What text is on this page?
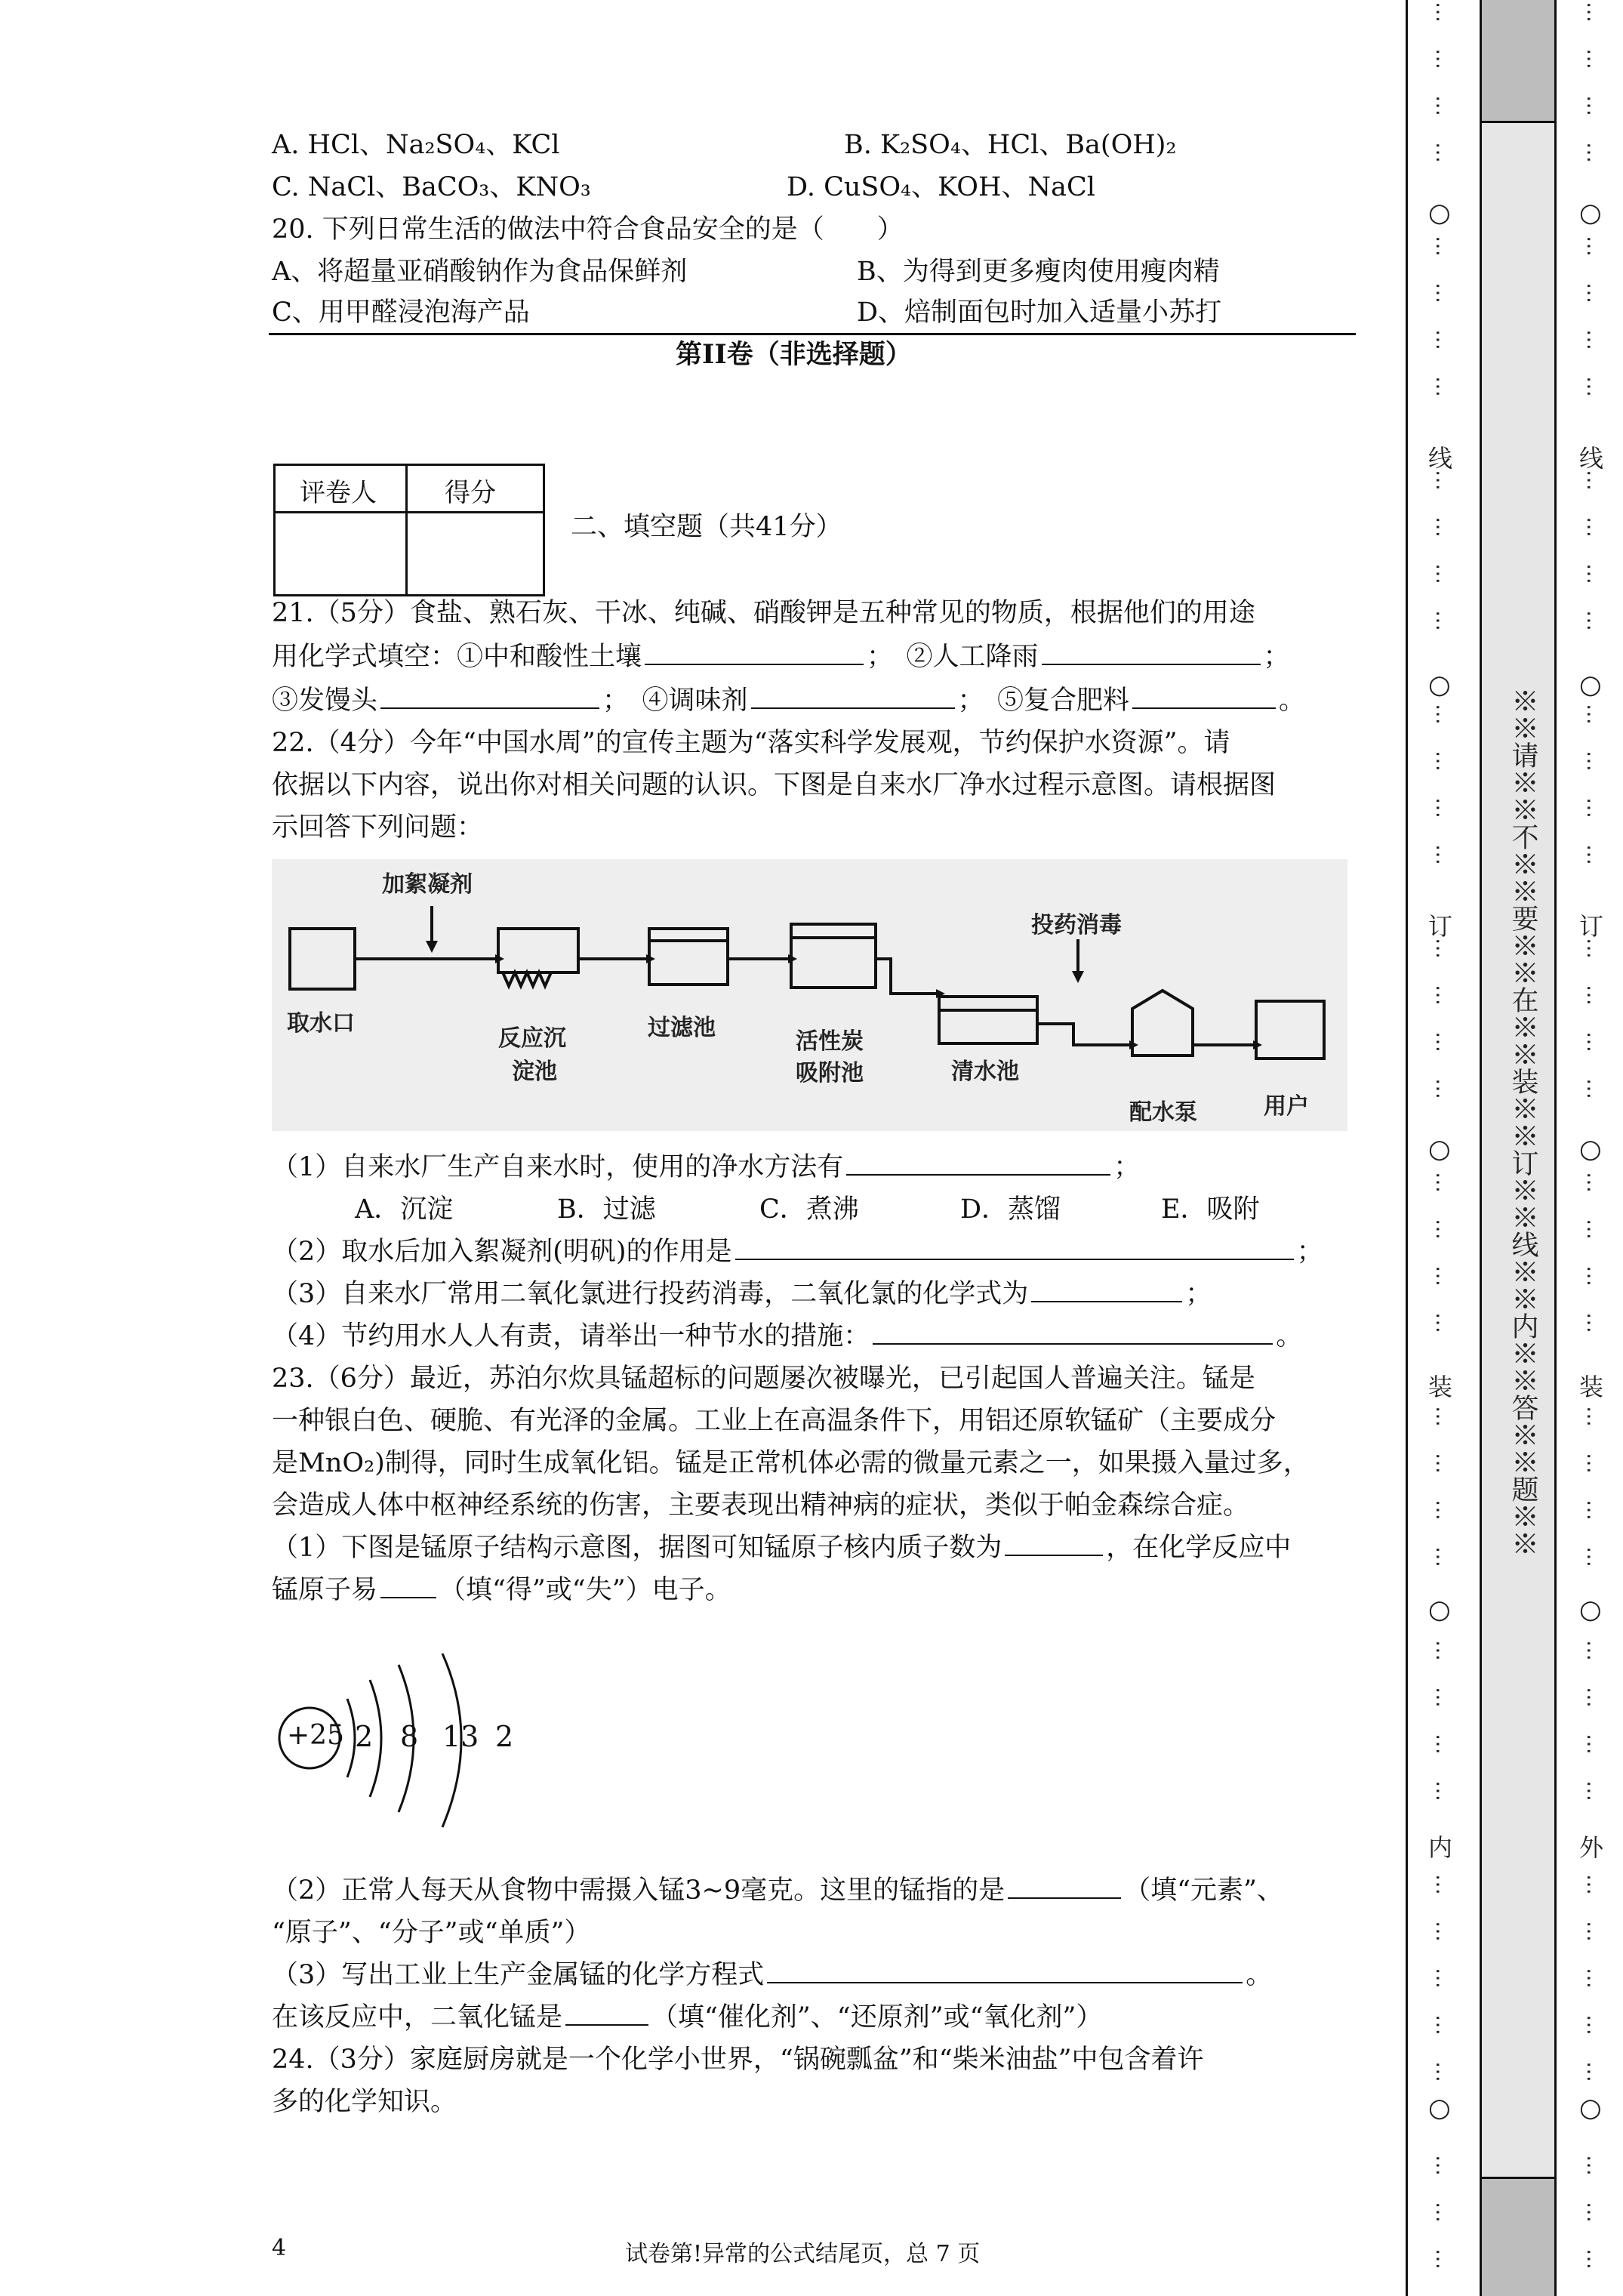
A. HCl、Na₂SO₄、KCl	B. K₂SO₄、HCl、Ba(OH)₂
C. NaCl、BaCO₃、KNO₃	D. CuSO₄、KOH、NaCl
20. 下列日常生活的做法中符合食品安全的是（　　）
A、将超量亚硝酸钠作为食品保鲜剂	B、为得到更多瘦肉使用瘦肉精
C、用甲醛浸泡海产品	D、焙制面包时加入适量小苏打
第II卷（非选择题）
评卷人	得分
二、填空题（共41分）
21.（5分）食盐、熟石灰、干冰、纯碱、硝酸钾是五种常见的物质，根据他们的用途
用化学式填空：①中和酸性土壤	；　②人工降雨	；
③发馒头	；　④调味剂	；　⑤复合肥料	。
22.（4分）今年“中国水周”的宣传主题为“落实科学发展观，节约保护水资源”。请
依据以下内容，说出你对相关问题的认识。下图是自来水厂净水过程示意图。请根据图
示回答下列问题：
加絮凝剂
投药消毒
取水口
反应沉
淀池
过滤池
活性炭
吸附池	清水池
配水泵	用户
（1）自来水厂生产自来水时，使用的净水方法有	；
A．沉淀	B．过滤	C．煮沸	D．蒸馏	E．吸附
（2）取水后加入絮凝剂(明矾)的作用是	；
（3）自来水厂常用二氧化氯进行投药消毒，二氧化氯的化学式为	；
（4）节约用水人人有责，请举出一种节水的措施：	。
23.（6分）最近，苏泊尔炊具锰超标的问题屡次被曝光，已引起国人普遍关注。锰是
一种银白色、硬脆、有光泽的金属。工业上在高温条件下，用铝还原软锰矿（主要成分
是MnO₂)制得，同时生成氧化铝。锰是正常机体必需的微量元素之一，如果摄入量过多，
会造成人体中枢神经系统的伤害，主要表现出精神病的症状，类似于帕金森综合症。
（1）下图是锰原子结构示意图，据图可知锰原子核内质子数为	，在化学反应中
锰原子易 （填“得”或“失”）电子。
+25 2 8 13 2
（2）正常人每天从食物中需摄入锰3~9毫克。这里的锰指的是	（填“元素”、
“原子”、“分子”或“单质”）
（3）写出工业上生产金属锰的化学方程式	。
在该反应中，二氧化锰是	（填“催化剂”、“还原剂”或“氧化剂”）
24.（3分）家庭厨房就是一个化学小世界，“锅碗瓢盆”和“柴米油盐”中包含着许
多的化学知识。
4	试卷第!异常的公式结尾页，总 7 页
※※请※※不※※要※※在※※装※※订※※线※※内※※答※※题※※
…
…
…
…
…
…
…
…
…
…
…
…
…
…
…
…
…
…
…
…
…
…
…
…
…
…
…
…
…
…
…
…
…
…
…
…
…
…
…
…
○
○
○
○
○
线
订
装
内
…
…
…
…
…
…
…
…
…
…
…
…
…
…
…
…
…
…
…
…
…
…
…
…
…
…
…
…
…
…
…
…
…
…
…
…
…
…
…
…
○
○
○
○
○
线
订
装
外
